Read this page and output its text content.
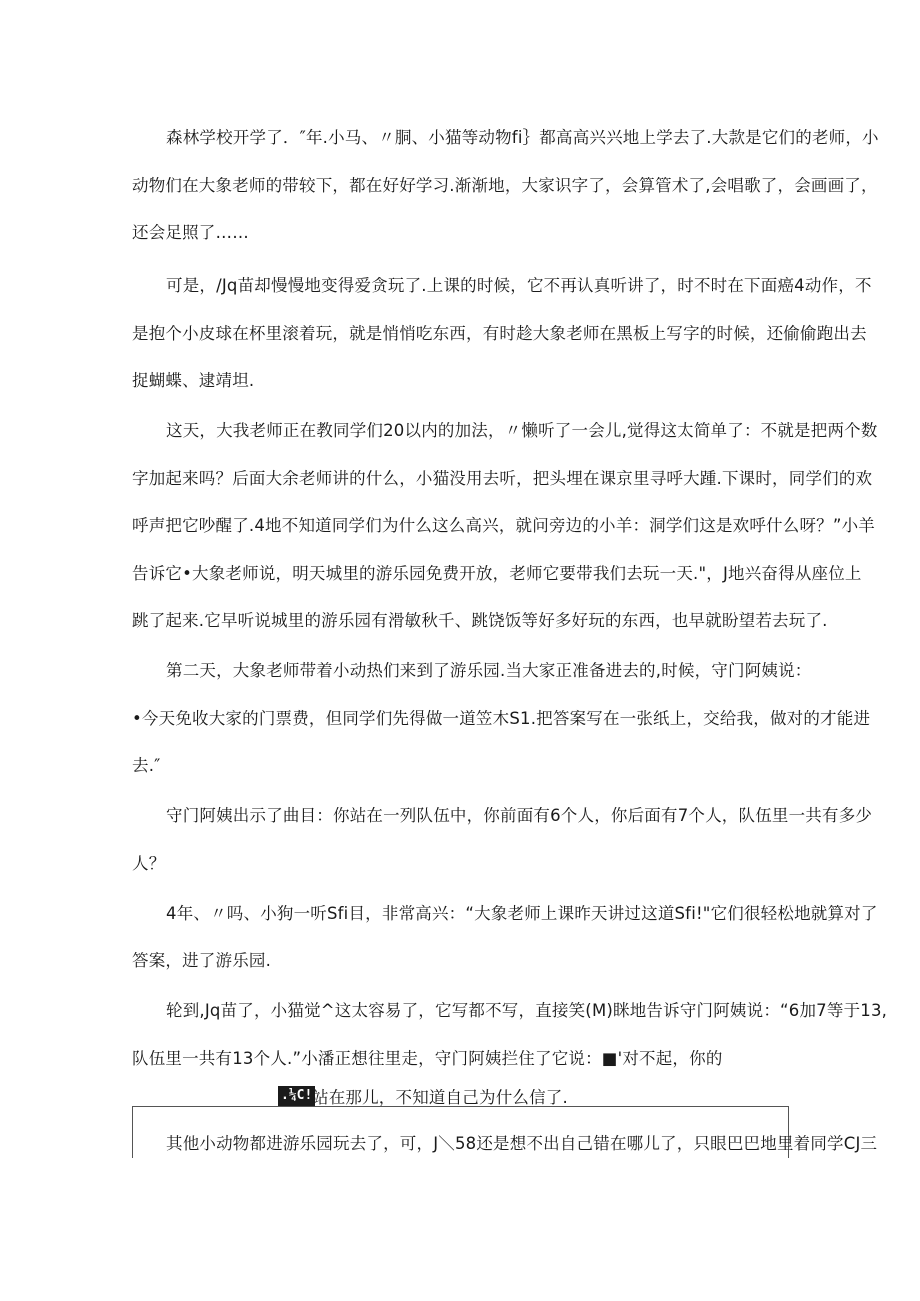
森林学校开学了．″年.小马、〃胴、小猫等动物fi｝都高高兴兴地上学去了.大款是它们的老师，小
动物们在大象老师的带较下，都在好好学习.渐渐地，大家识字了，会算管术了,会唱歌了，会画画了，
还会足照了……
可是，/Jq苗却慢慢地变得爱贪玩了.上课的时候，它不再认真听讲了，时不时在下面癌4动作，不
是抱个小皮球在杯里滚着玩，就是悄悄吃东西，有时趁大象老师在黑板上写字的时候，还偷偷跑出去
捉蝴蝶、逮靖坦.
这天，大我老师正在教同学们20以内的加法，〃懒听了一会儿,觉得这太简单了：不就是把两个数
字加起来吗？后面大余老师讲的什么，小猫没用去听，把头埋在课京里寻呼大踵.下课时，同学们的欢
呼声把它吵醒了.4地不知道同学们为什么这么高兴，就问旁边的小羊：洞学们这是欢呼什么呀？”小羊
告诉它•大象老师说，明天城里的游乐园免费开放，老师它要带我们去玩一天."，J地兴奋得从座位上
跳了起来.它早听说城里的游乐园有滑敏秋千、跳饶饭等好多好玩的东西，也早就盼望若去玩了.
第二天，大象老师带着小动热们来到了游乐园.当大家正准备进去的,时候，守门阿姨说：
•今天免收大家的门票费，但同学们先得做一道笠木S1.把答案写在一张纸上，交给我，做对的才能进
去.″
守门阿姨出示了曲目：你站在一列队伍中，你前面有6个人，你后面有7个人，队伍里一共有多少
人？
4年、〃吗、小狗一听Sfi目，非常高兴：“大象老师上课昨天讲过这道Sfi!"它们很轻松地就算对了
答案，进了游乐园.
轮到,Jq苗了，小猫觉^这太容易了，它写都不写，直接笑(M)眯地告诉守门阿姨说：“6加7等于13,
队伍里一共有13个人.”小潘正想往里走，守门阿姨拦住了它说：■'对不起，你的
.¼C! 站在那儿，不知道自己为什么信了.
其他小动物都进游乐园玩去了，可，J＼58还是想不出自己错在哪儿了，只眼巴巴地里着同学CJ三
